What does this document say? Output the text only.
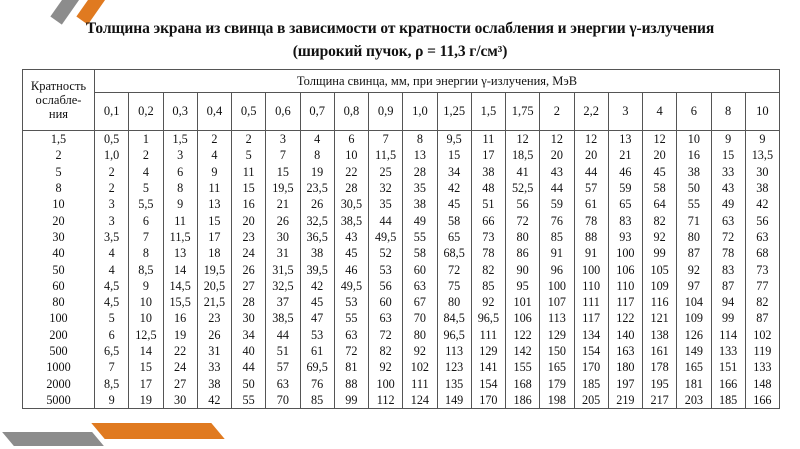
Толщина экрана из свинца в зависимости от кратности ослабления и энергии γ-излучения
(широкий пучок, ρ = 11,3 г/см³)
Кратность
ослабле-
ния	Толщина свинца, мм, при энергии γ-излучения, МэВ																			
	0,1	0,2	0,3	0,4	0,5	0,6	0,7	0,8	0,9	1,0	1,25	1,5	1,75	2	2,2	3	4	6	8	10
1,5	0,5	1	1,5	2	2	3	4	6	7	8	9,5	11	12	12	12	13	12	10	9	9
2	1,0	2	3	4	5	7	8	10	11,5	13	15	17	18,5	20	20	21	20	16	15	13,5
5	2	4	6	9	11	15	19	22	25	28	34	38	41	43	44	46	45	38	33	30
8	2	5	8	11	15	19,5	23,5	28	32	35	42	48	52,5	44	57	59	58	50	43	38
10	3	5,5	9	13	16	21	26	30,5	35	38	45	51	56	59	61	65	64	55	49	42
20	3	6	11	15	20	26	32,5	38,5	44	49	58	66	72	76	78	83	82	71	63	56
30	3,5	7	11,5	17	23	30	36,5	43	49,5	55	65	73	80	85	88	93	92	80	72	63
40	4	8	13	18	24	31	38	45	52	58	68,5	78	86	91	91	100	99	87	78	68
50	4	8,5	14	19,5	26	31,5	39,5	46	53	60	72	82	90	96	100	106	105	92	83	73
60	4,5	9	14,5	20,5	27	32,5	42	49,5	56	63	75	85	95	100	110	110	109	97	87	77
80	4,5	10	15,5	21,5	28	37	45	53	60	67	80	92	101	107	111	117	116	104	94	82
100	5	10	16	23	30	38,5	47	55	63	70	84,5	96,5	106	113	117	122	121	109	99	87
200	6	12,5	19	26	34	44	53	63	72	80	96,5	111	122	129	134	140	138	126	114	102
500	6,5	14	22	31	40	51	61	72	82	92	113	129	142	150	154	163	161	149	133	119
1000	7	15	24	33	44	57	69,5	81	92	102	123	141	155	165	170	180	178	165	151	133
2000	8,5	17	27	38	50	63	76	88	100	111	135	154	168	179	185	197	195	181	166	148
5000	9	19	30	42	55	70	85	99	112	124	149	170	186	198	205	219	217	203	185	166
